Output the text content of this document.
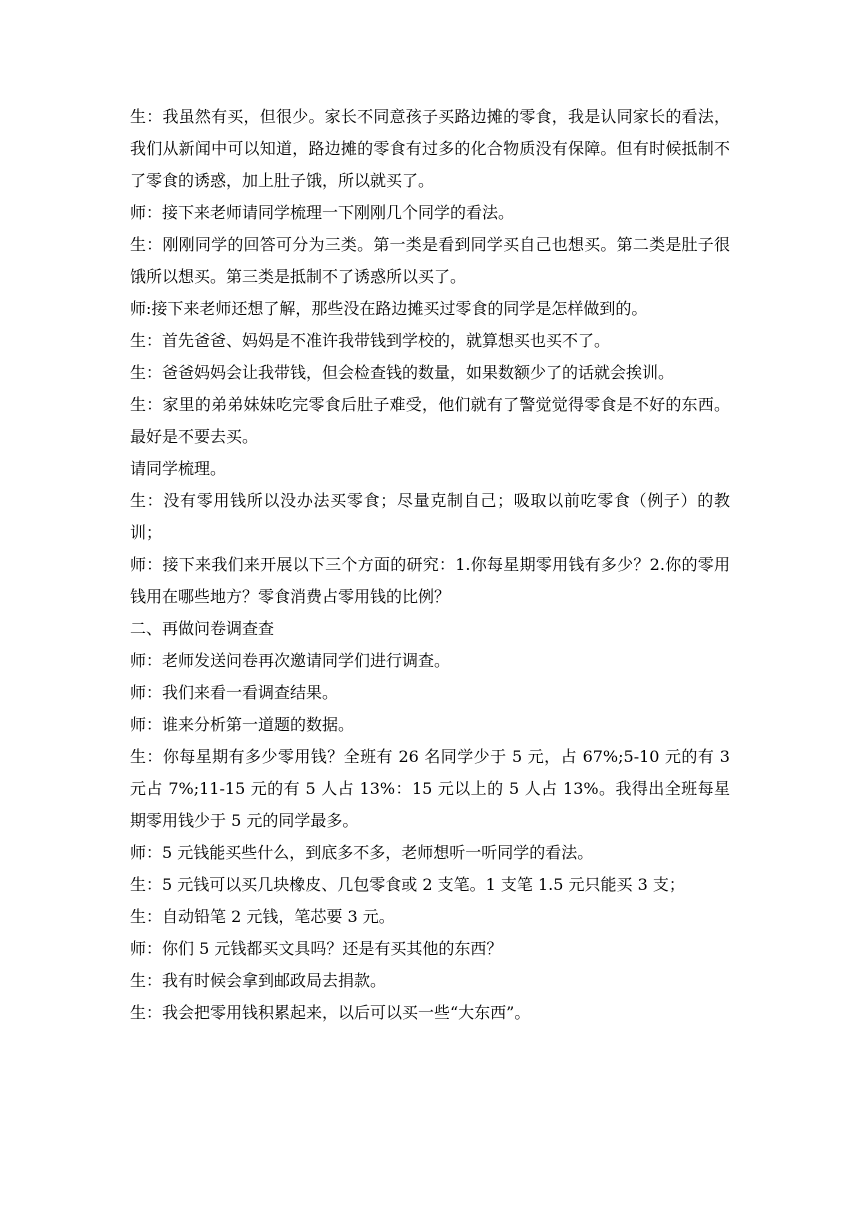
生：我虽然有买，但很少。家长不同意孩子买路边摊的零食，我是认同家长的看法，我们从新闻中可以知道，路边摊的零食有过多的化合物质没有保障。但有时候抵制不了零食的诱惑，加上肚子饿，所以就买了。

师：接下来老师请同学梳理一下刚刚几个同学的看法。

生：刚刚同学的回答可分为三类。第一类是看到同学买自己也想买。第二类是肚子很饿所以想买。第三类是抵制不了诱惑所以买了。

师:接下来老师还想了解，那些没在路边摊买过零食的同学是怎样做到的。

生：首先爸爸、妈妈是不准许我带钱到学校的，就算想买也买不了。

生：爸爸妈妈会让我带钱，但会检查钱的数量，如果数额少了的话就会挨训。

生：家里的弟弟妹妹吃完零食后肚子难受，他们就有了警觉觉得零食是不好的东西。最好是不要去买。

请同学梳理。

生：没有零用钱所以没办法买零食；尽量克制自己；吸取以前吃零食（例子）的教训；

师：接下来我们来开展以下三个方面的研究：1.你每星期零用钱有多少？2.你的零用钱用在哪些地方？零食消费占零用钱的比例？

二、再做问卷调查查

师：老师发送问卷再次邀请同学们进行调查。

师：我们来看一看调查结果。

师：谁来分析第一道题的数据。

生：你每星期有多少零用钱？全班有 26 名同学少于 5 元，占 67%;5-10 元的有 3 元占 7%;11-15 元的有 5 人占 13%：15 元以上的 5 人占 13%。我得出全班每星期零用钱少于 5 元的同学最多。

师：5 元钱能买些什么，到底多不多，老师想听一听同学的看法。

生：5 元钱可以买几块橡皮、几包零食或 2 支笔。1 支笔 1.5 元只能买 3 支；

生：自动铅笔 2 元钱，笔芯要 3 元。

师：你们 5 元钱都买文具吗？还是有买其他的东西？

生：我有时候会拿到邮政局去捐款。

生：我会把零用钱积累起来，以后可以买一些“大东西”。
